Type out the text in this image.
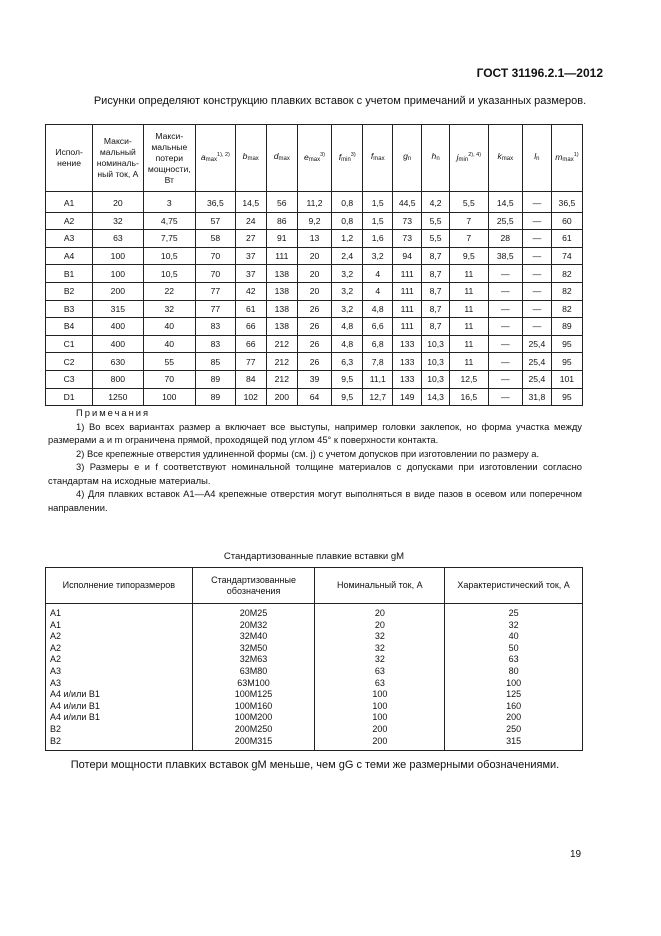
ГОСТ 31196.2.1—2012
Рисунки определяют конструкцию плавких вставок с учетом примечаний и указанных размеров.
Испол-нение	Макси-мальный номиналь-ный ток, А	Макси-мальные потери мощности, Вт	amax$^{1), 2)}$	bmax	dmax	emax$^{3)}$	fmin$^{3)}$	fmax	gn	hn	jmin$^{2), 4)}$	kmax	ln	mmax$^{1)}$
A1	20	3	36,5	14,5	56	11,2	0,8	1,5	44,5	4,2	5,5	14,5	—	36,5
A2	32	4,75	57	24	86	9,2	0,8	1,5	73	5,5	7	25,5	—	60
A3	63	7,75	58	27	91	13	1,2	1,6	73	5,5	7	28	—	61
A4	100	10,5	70	37	111	20	2,4	3,2	94	8,7	9,5	38,5	—	74
B1	100	10,5	70	37	138	20	3,2	4	111	8,7	11	—	—	82
B2	200	22	77	42	138	20	3,2	4	111	8,7	11	—	—	82
B3	315	32	77	61	138	26	3,2	4,8	111	8,7	11	—	—	82
B4	400	40	83	66	138	26	4,8	6,6	111	8,7	11	—	—	89
C1	400	40	83	66	212	26	4,8	6,8	133	10,3	11	—	25,4	95
C2	630	55	85	77	212	26	6,3	7,8	133	10,3	11	—	25,4	95
C3	800	70	89	84	212	39	9,5	11,1	133	10,3	12,5	—	25,4	101
D1	1250	100	89	102	200	64	9,5	12,7	149	14,3	16,5	—	31,8	95

Примечания

1) Во всех вариантах размер a включает все выступы, например головки заклепок, но форма участка между размерами a и m ограничена прямой, проходящей под углом 45° к поверхности контакта.

2) Все крепежные отверстия удлиненной формы (см. j) с учетом допусков при изготовлении по размеру a.

3) Размеры e и f соответствуют номинальной толщине материалов с допусками при изготовлении согласно стандартам на исходные материалы.

4) Для плавких вставок A1—A4 крепежные отверстия могут выполняться в виде пазов в осевом или поперечном направлении.

Стандартизованные плавкие вставки gM
Исполнение типоразмеров	Стандартизованные обозначения	Номинальный ток, А	Характеристический ток, А
A1	20M25	20	25
A1	20M32	20	32
A2	32M40	32	40
A2	32M50	32	50
A2	32M63	32	63
A3	63M80	63	80
A3	63M100	63	100
A4 и/или B1	100M125	100	125
A4 и/или B1	100M160	100	160
A4 и/или B1	100M200	100	200
B2	200M250	200	250
B2	200M315	200	315
Потери мощности плавких вставок gM меньше, чем gG с теми же размерными обозначениями.
19
